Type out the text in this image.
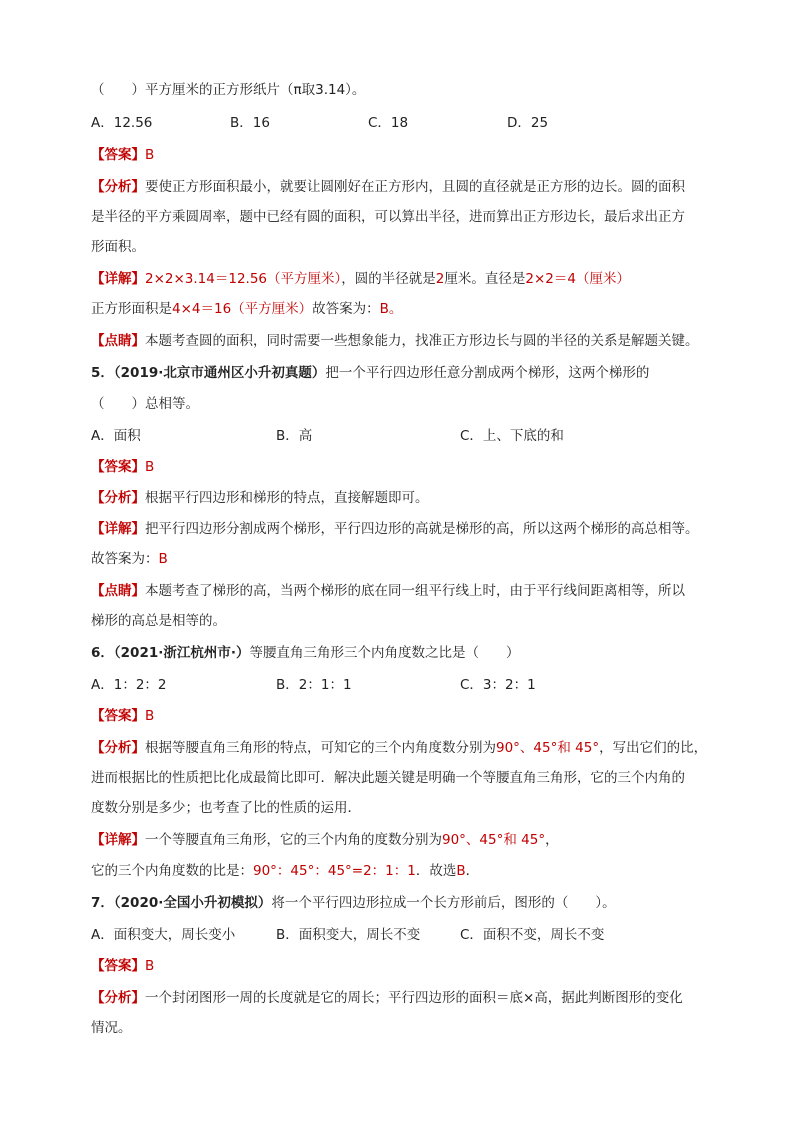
（　　）平方厘米的正方形纸片（π取3.14）。
A．12.56	B．16	C．18	D．25
【答案】B
【分析】要使正方形面积最小，就要让圆刚好在正方形内，且圆的直径就是正方形的边长。圆的面积
是半径的平方乘圆周率，题中已经有圆的面积，可以算出半径，进而算出正方形边长，最后求出正方
形面积。
【详解】2×2×3.14＝12.56（平方厘米），圆的半径就是2厘米。直径是2×2＝4（厘米）
正方形面积是4×4＝16（平方厘米）故答案为：B。
【点睛】本题考查圆的面积，同时需要一些想象能力，找准正方形边长与圆的半径的关系是解题关键。
5．（2019·北京市通州区小升初真题）把一个平行四边形任意分割成两个梯形，这两个梯形的
（　　）总相等。
A．面积	B．高	C．上、下底的和
【答案】B
【分析】根据平行四边形和梯形的特点，直接解题即可。
【详解】把平行四边形分割成两个梯形，平行四边形的高就是梯形的高，所以这两个梯形的高总相等。
故答案为：B
【点睛】本题考查了梯形的高，当两个梯形的底在同一组平行线上时，由于平行线间距离相等，所以
梯形的高总是相等的。
6．（2021·浙江杭州市·）等腰直角三角形三个内角度数之比是（　　）
A．1：2：2	B．2：1：1	C．3：2：1
【答案】B
【分析】根据等腰直角三角形的特点，可知它的三个内角度数分别为90°、45°和 45°，写出它们的比，
进而根据比的性质把比化成最简比即可．解决此题关键是明确一个等腰直角三角形，它的三个内角的
度数分别是多少；也考查了比的性质的运用．
【详解】一个等腰直角三角形，它的三个内角的度数分别为90°、45°和 45°，
它的三个内角度数的比是：90°：45°：45°=2：1：1．故选B．
7．（2020·全国小升初模拟）将一个平行四边形拉成一个长方形前后，图形的（　　）。
A．面积变大，周长变小	B．面积变大，周长不变	C．面积不变，周长不变
【答案】B
【分析】一个封闭图形一周的长度就是它的周长；平行四边形的面积＝底×高，据此判断图形的变化
情况。
